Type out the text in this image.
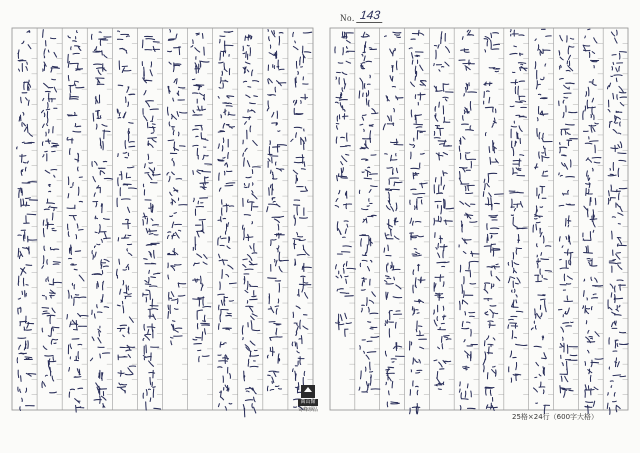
No. 143
萬山館
奇峰珍品
25格×24行（600字大格）
